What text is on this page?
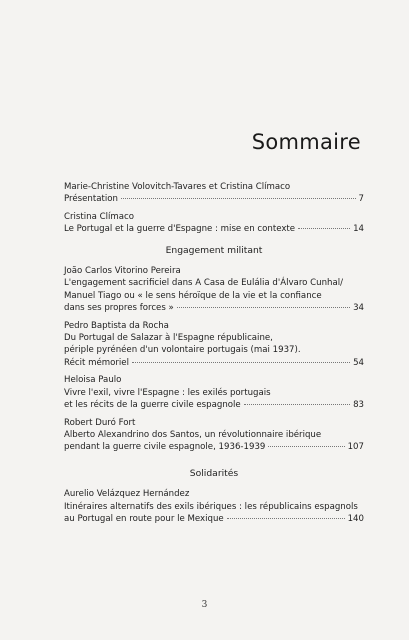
Sommaire
Marie-Christine Volovitch-Tavares et Cristina Clímaco
Présentation	7
Cristina Clímaco
Le Portugal et la guerre d'Espagne : mise en contexte	14
Engagement militant
João Carlos Vitorino Pereira
L'engagement sacrificiel dans A Casa de Eulália d'Álvaro Cunhal/
Manuel Tiago ou « le sens héroïque de la vie et la confiance
dans ses propres forces »	34
Pedro Baptista da Rocha
Du Portugal de Salazar à l'Espagne républicaine,
périple pyrénéen d'un volontaire portugais (mai 1937).
Récit mémoriel	54
Heloisa Paulo
Vivre l'exil, vivre l'Espagne : les exilés portugais
et les récits de la guerre civile espagnole	83
Robert Duró Fort
Alberto Alexandrino dos Santos, un révolutionnaire ibérique
pendant la guerre civile espagnole, 1936-1939	107
Solidarités
Aurelio Velázquez Hernández
Itinéraires alternatifs des exils ibériques : les républicains espagnols
au Portugal en route pour le Mexique	140
3
